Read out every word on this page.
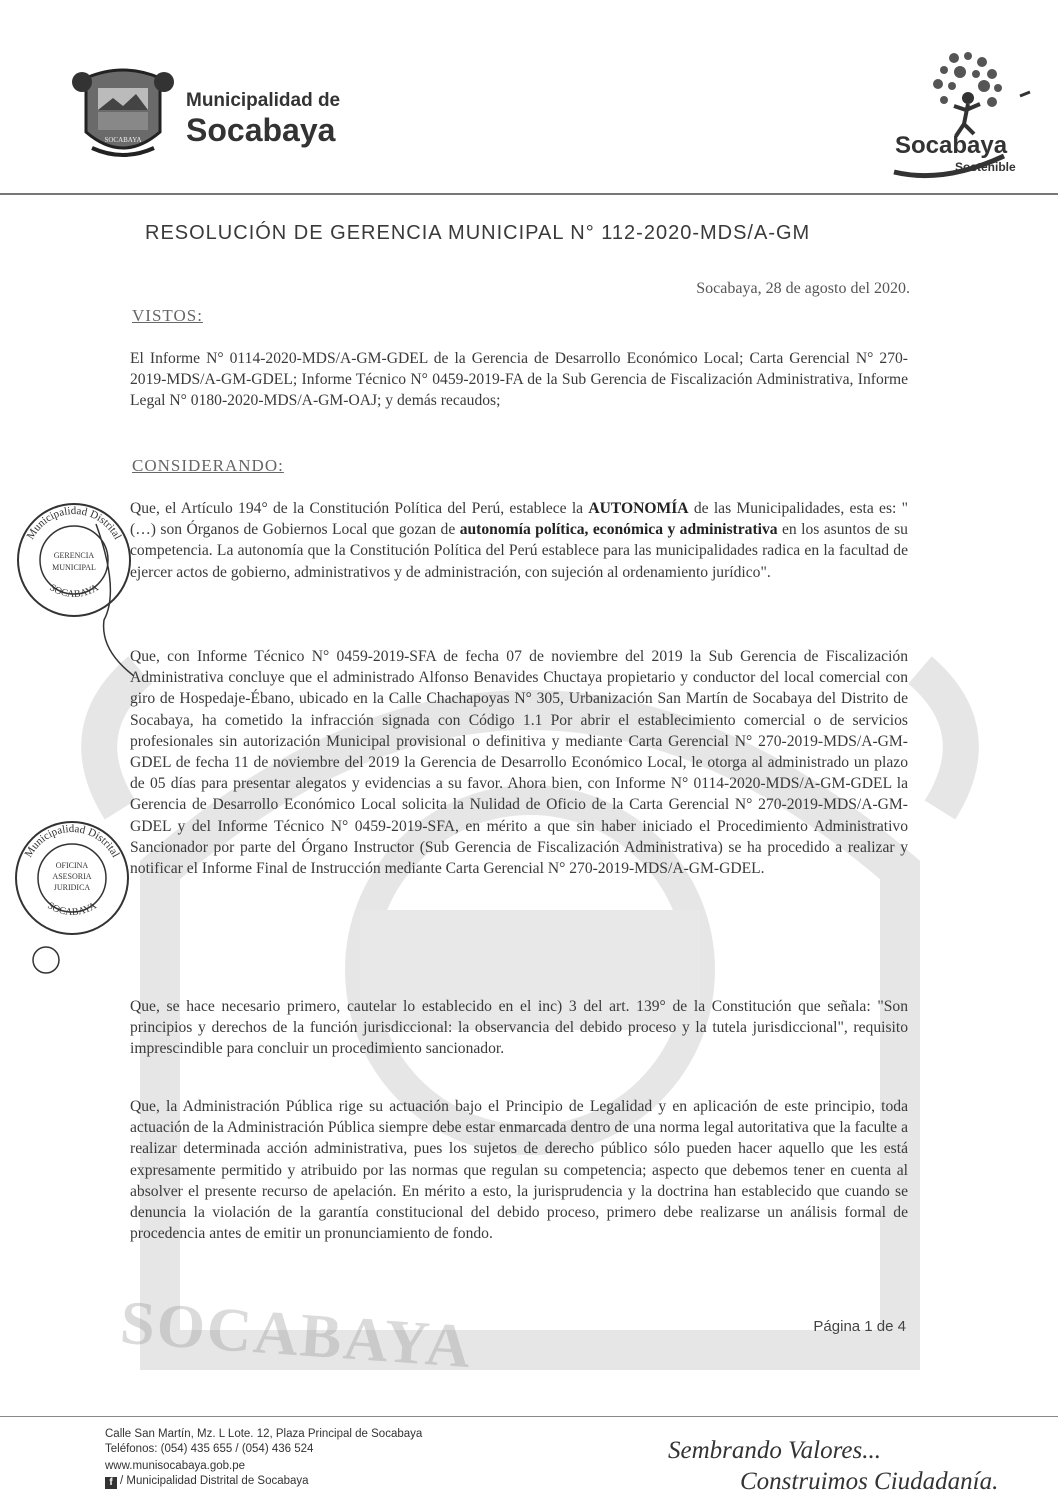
SOCABAYA
SOCABAYA
Municipalidad de
Socabaya	Socabaya
Sostenible
RESOLUCIÓN DE GERENCIA MUNICIPAL N° 112-2020-MDS/A-GM
Socabaya, 28 de agosto del 2020.
VISTOS:
El Informe N° 0114-2020-MDS/A-GM-GDEL de la Gerencia de Desarrollo Económico Local; Carta Gerencial N° 270-2019-MDS/A-GM-GDEL; Informe Técnico N° 0459-2019-FA de la Sub Gerencia de Fiscalización Administrativa, Informe Legal N° 0180-2020-MDS/A-GM-OAJ; y demás recaudos;
CONSIDERANDO:
Que, el Artículo 194° de la Constitución Política del Perú, establece la AUTONOMÍA de las Municipalidades, esta es: "(…) son Órganos de Gobiernos Local que gozan de autonomía política, económica y administrativa en los asuntos de su competencia. La autonomía que la Constitución Política del Perú establece para las municipalidades radica en la facultad de ejercer actos de gobierno, administrativos y de administración, con sujeción al ordenamiento jurídico".
Que, con Informe Técnico N° 0459-2019-SFA de fecha 07 de noviembre del 2019 la Sub Gerencia de Fiscalización Administrativa concluye que el administrado Alfonso Benavides Chuctaya propietario y conductor del local comercial con giro de Hospedaje-Ébano, ubicado en la Calle Chachapoyas N° 305, Urbanización San Martín de Socabaya del Distrito de Socabaya, ha cometido la infracción signada con Código 1.1 Por abrir el establecimiento comercial o de servicios profesionales sin autorización Municipal provisional o definitiva y mediante Carta Gerencial N° 270-2019-MDS/A-GM-GDEL de fecha 11 de noviembre del 2019 la Gerencia de Desarrollo Económico Local, le otorga al administrado un plazo de 05 días para presentar alegatos y evidencias a su favor. Ahora bien, con Informe N° 0114-2020-MDS/A-GM-GDEL la Gerencia de Desarrollo Económico Local solicita la Nulidad de Oficio de la Carta Gerencial N° 270-2019-MDS/A-GM-GDEL y del Informe Técnico N° 0459-2019-SFA, en mérito a que sin haber iniciado el Procedimiento Administrativo Sancionador por parte del Órgano Instructor (Sub Gerencia de Fiscalización Administrativa) se ha procedido a realizar y notificar el Informe Final de Instrucción mediante Carta Gerencial N° 270-2019-MDS/A-GM-GDEL.
Que, se hace necesario primero, cautelar lo establecido en el inc) 3 del art. 139° de la Constitución que señala: "Son principios y derechos de la función jurisdiccional: la observancia del debido proceso y la tutela jurisdiccional", requisito imprescindible para concluir un procedimiento sancionador.
Que, la Administración Pública rige su actuación bajo el Principio de Legalidad y en aplicación de este principio, toda actuación de la Administración Pública siempre debe estar enmarcada dentro de una norma legal autoritativa que la faculte a realizar determinada acción administrativa, pues los sujetos de derecho público sólo pueden hacer aquello que les está expresamente permitido y atribuido por las normas que regulan su competencia; aspecto que debemos tener en cuenta al absolver el presente recurso de apelación. En mérito a esto, la jurisprudencia y la doctrina han establecido que cuando se denuncia la violación de la garantía constitucional del debido proceso, primero debe realizarse un análisis formal de procedencia antes de emitir un pronunciamiento de fondo.
Página 1 de 4
Municipalidad Distrital
SOCABAYA
GERENCIA
MUNICIPAL
Municipalidad Distrital
SOCABAYA
OFICINA
ASESORIA
JURIDICA
Calle San Martín, Mz. L Lote. 12, Plaza Principal de Socabaya
Teléfonos: (054) 435 655 / (054) 436 524
www.munisocabaya.gob.pe
f / Municipalidad Distrital de Socabaya
Sembrando Valores...
Construimos Ciudadanía.
